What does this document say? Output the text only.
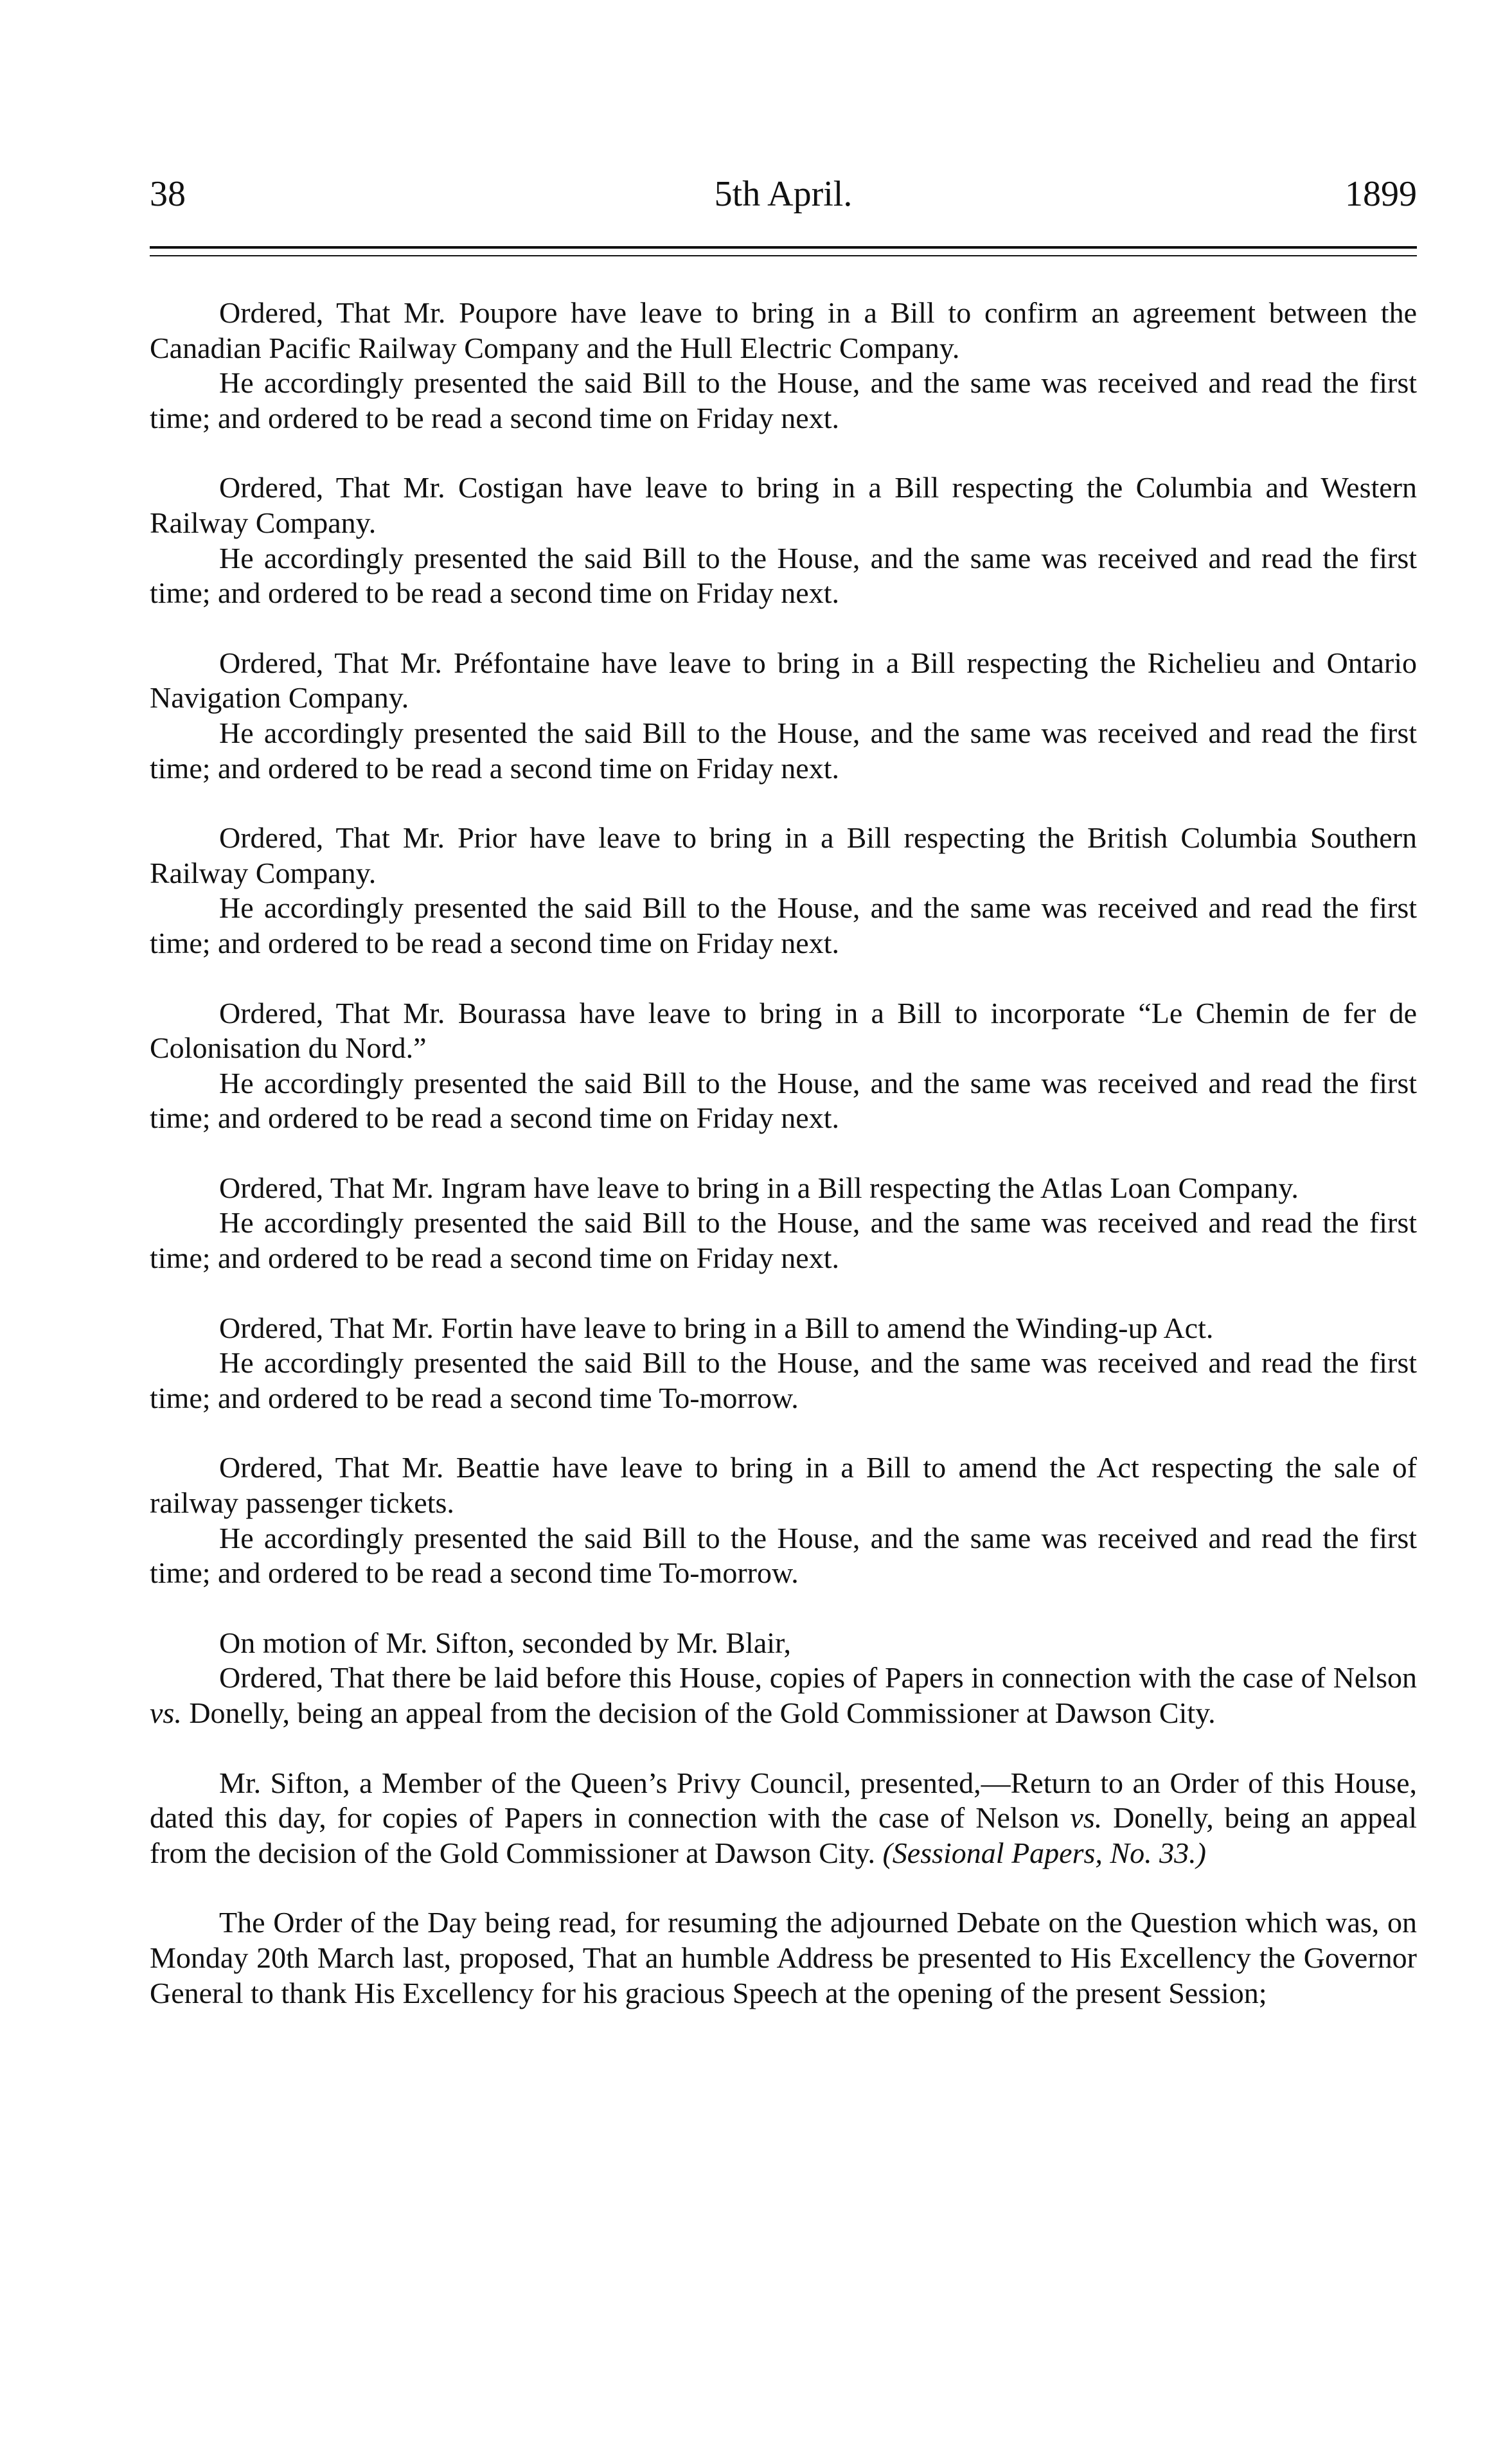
38	5th April.	1899

Ordered, That Mr. Poupore have leave to bring in a Bill to confirm an agreement between the Canadian Pacific Railway Company and the Hull Electric Company.

He accordingly presented the said Bill to the House, and the same was received and read the first time; and ordered to be read a second time on Friday next.

Ordered, That Mr. Costigan have leave to bring in a Bill respecting the Columbia and Western Railway Company.

He accordingly presented the said Bill to the House, and the same was received and read the first time; and ordered to be read a second time on Friday next.

Ordered, That Mr. Préfontaine have leave to bring in a Bill respecting the Richelieu and Ontario Navigation Company.

He accordingly presented the said Bill to the House, and the same was received and read the first time; and ordered to be read a second time on Friday next.

Ordered, That Mr. Prior have leave to bring in a Bill respecting the British Columbia Southern Railway Company.

He accordingly presented the said Bill to the House, and the same was received and read the first time; and ordered to be read a second time on Friday next.

Ordered, That Mr. Bourassa have leave to bring in a Bill to incorporate “Le Chemin de fer de Colonisation du Nord.”

He accordingly presented the said Bill to the House, and the same was received and read the first time; and ordered to be read a second time on Friday next.

Ordered, That Mr. Ingram have leave to bring in a Bill respecting the Atlas Loan Company.

He accordingly presented the said Bill to the House, and the same was received and read the first time; and ordered to be read a second time on Friday next.

Ordered, That Mr. Fortin have leave to bring in a Bill to amend the Winding-up Act.

He accordingly presented the said Bill to the House, and the same was received and read the first time; and ordered to be read a second time To-morrow.

Ordered, That Mr. Beattie have leave to bring in a Bill to amend the Act respecting the sale of railway passenger tickets.

He accordingly presented the said Bill to the House, and the same was received and read the first time; and ordered to be read a second time To-morrow.

On motion of Mr. Sifton, seconded by Mr. Blair,

Ordered, That there be laid before this House, copies of Papers in connection with the case of Nelson vs. Donelly, being an appeal from the decision of the Gold Commissioner at Dawson City.

Mr. Sifton, a Member of the Queen’s Privy Council, presented,—Return to an Order of this House, dated this day, for copies of Papers in connection with the case of Nelson vs. Donelly, being an appeal from the decision of the Gold Commissioner at Dawson City. (Sessional Papers, No. 33.)

The Order of the Day being read, for resuming the adjourned Debate on the Question which was, on Monday 20th March last, proposed, That an humble Address be presented to His Excellency the Governor General to thank His Excellency for his gracious Speech at the opening of the present Session;
